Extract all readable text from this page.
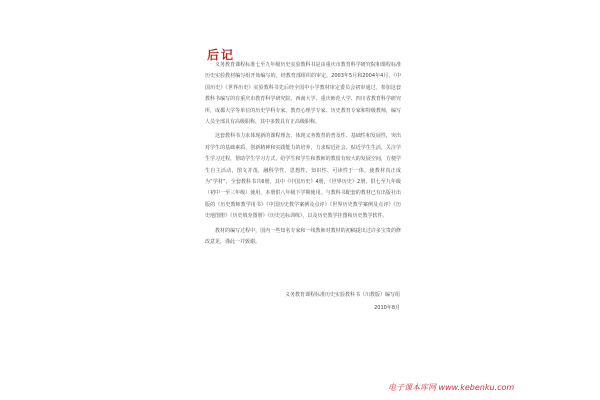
后记

义务教育课程标准七至九年级历史实验教科书是由重庆市教育科学研究院和课程标准历史实验教材编写组开始编写的。经教育部组织的审定，2003年5月和2004年4月，《中国历史》《世界历史》实验教科书先后经全国中小学教材审定委员会初审通过。参加这套教科书编写的有重庆市教育科学研究院、西南大学、重庆师范大学、四川省教育科学研究所，成都大学等单位的历史学科专家、教育心理学专家、历史教育专家和特级教师，编写人员全部具有高级职称，其中多数具有正高级职称。

这套教科书力求体现新的课程理念，体现义务教育的普及性、基础性和发展性，突出对学生的基础素质、创新精神和实践能力的培养，力求贴近社会、贴近学生生活，关注学生学习过程，帮助学生学习方式，给学生和学生和教师的教留有较大的发展空间，方便学生自主活动，图文并茂，融科学性、思想性、知识性、可读性于一体，使教材真正成为“学材”，全套教科书共6册，其中《中国历史》4册，《世界历史》2册，供七至九年级（初中一至三年级）使用，本册供八年级下学期使用。与教科书配套的教材已有出版社出版的《历史教师教学用书》《中国历史教学案例及点评》《世界历史教学案例及点评》《历史地图册》《历史填充图册》《历史达标训练》，以及历史教学挂图和历史教学软件。

教材的编写过程中，国内一些知名专家和一线教师对教材的初稿提出过许多宝贵的修改意见，谨此一并致谢。

义务教育课程标准历史实验教科书（川教版）编写组
2010年8月
电子课本库网 www.kebenku.com
